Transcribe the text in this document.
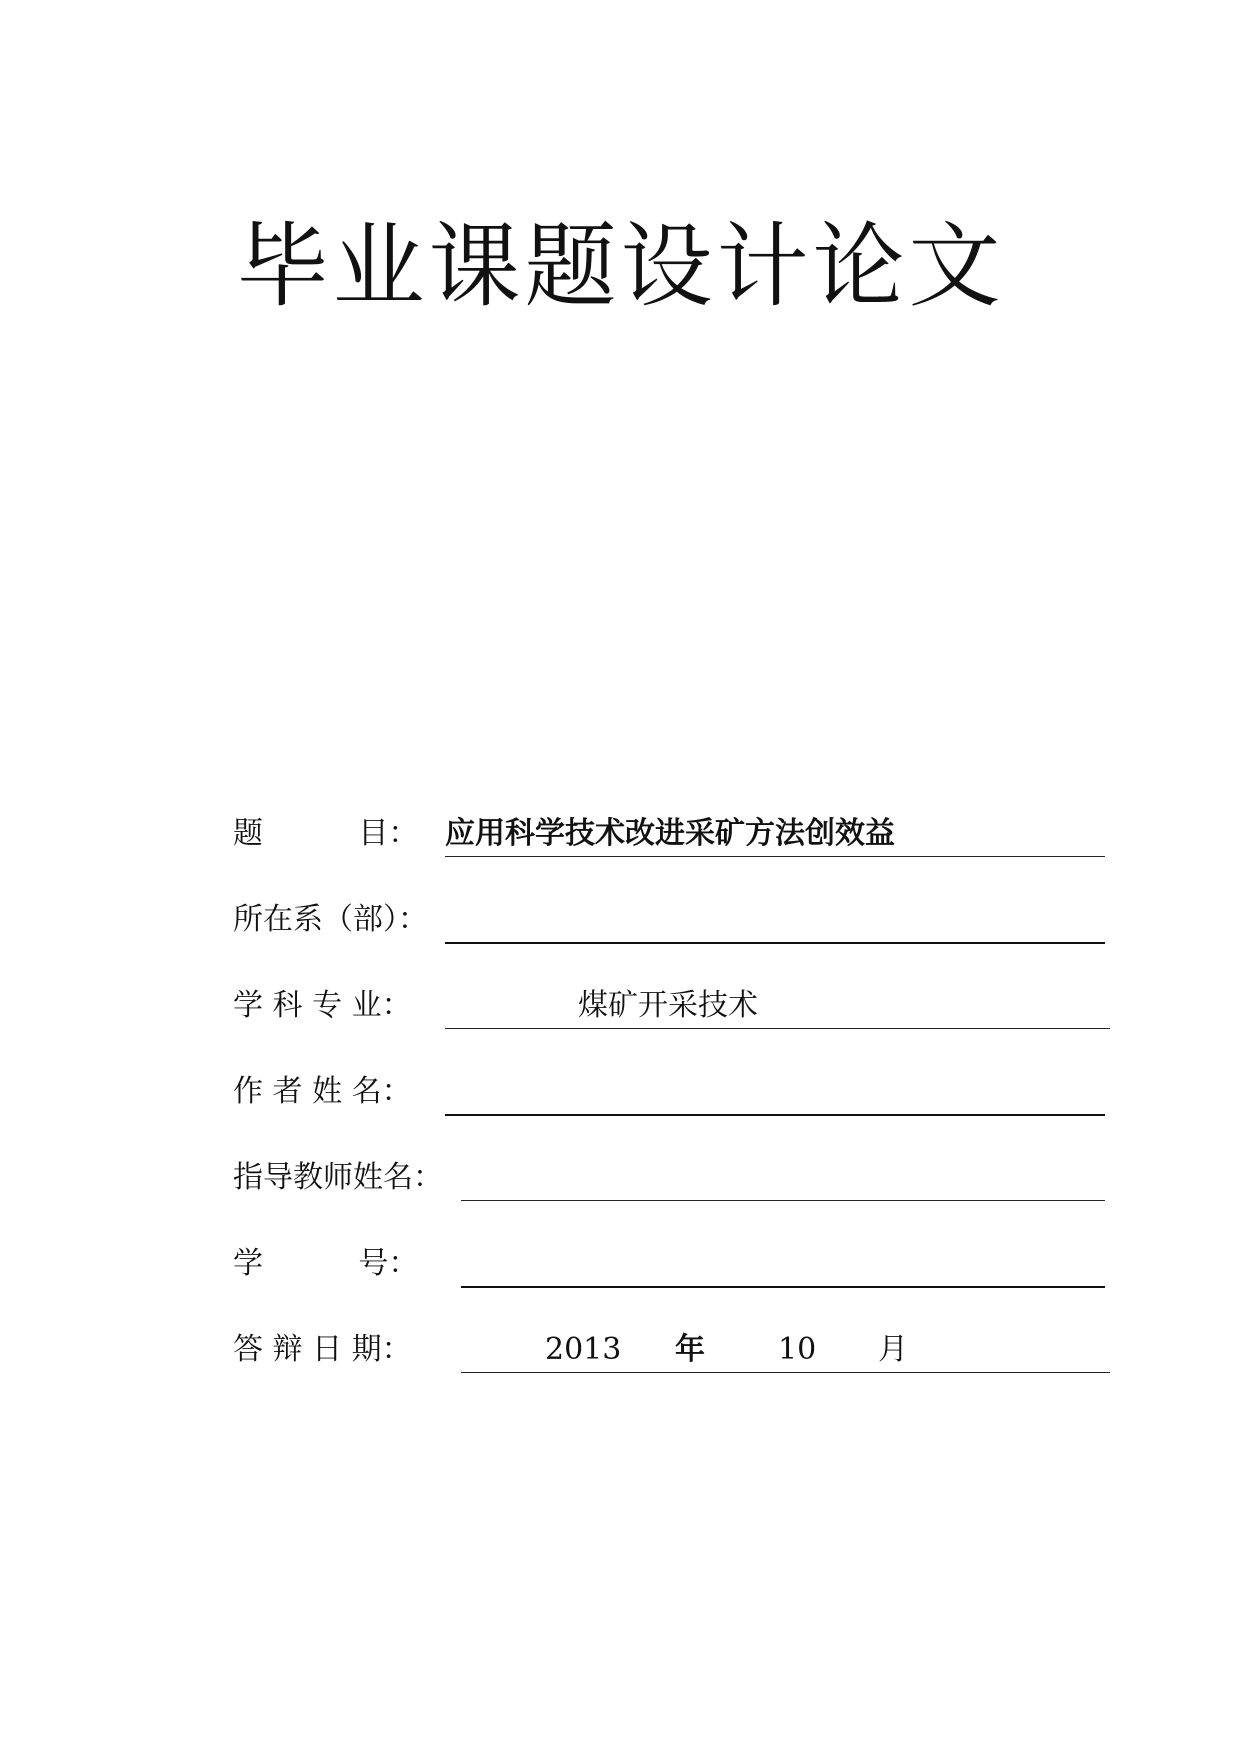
毕业课题设计论文
题          目： 应用科学技术改进采矿方法创效益
所在系（部）：
学 科 专 业：	煤矿开采技术
作 者 姓 名：
指导教师姓名：
学          号：
答 辩 日 期：	2013 年 10 月
